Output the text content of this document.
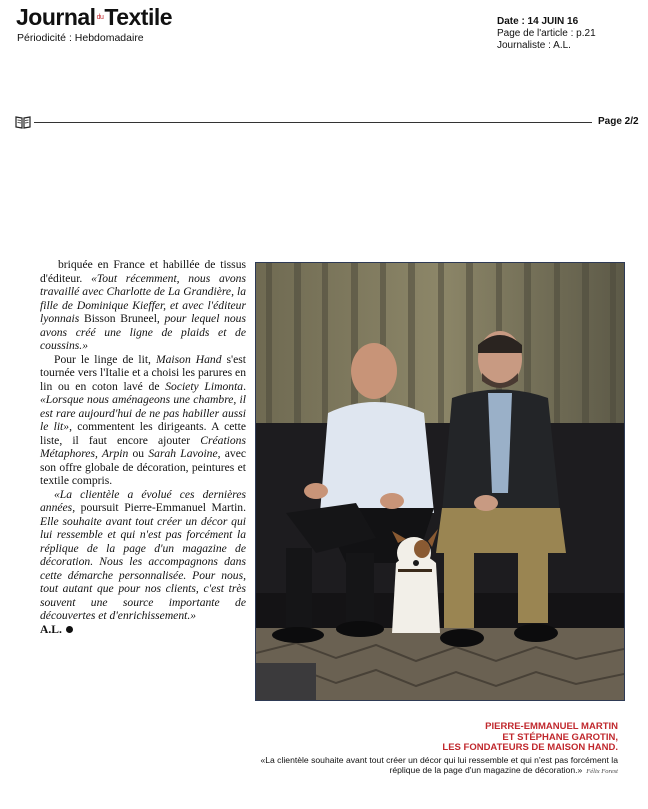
Journal$^{du}$Textile
Périodicité : Hebdomadaire
Date : 14 JUIN 16
Page de l'article : p.21
Journaliste : A.L.
Page 2/2

briquée en France et habillée de tissus d'éditeur. «Tout récemment, nous avons travaillé avec Charlotte de La Grandière, la fille de Dominique Kieffer, et avec l'éditeur lyonnais Bisson Bruneel, pour lequel nous avons créé une ligne de plaids et de coussins.»

Pour le linge de lit, Maison Hand s'est tournée vers l'Italie et a choisi les parures en lin ou en coton lavé de Society Limonta. «Lorsque nous aménageons une chambre, il est rare aujourd'hui de ne pas habiller aussi le lit», commentent les dirigeants. A cette liste, il faut encore ajouter Créations Métaphores, Arpin ou Sarah Lavoine, avec son offre globale de décoration, peintures et textile compris.

«La clientèle a évolué ces dernières années, poursuit Pierre-Emmanuel Martin. Elle souhaite avant tout créer un décor qui lui ressemble et qui n'est pas forcément la réplique de la page d'un magazine de décoration. Nous les accompagnons dans cette démarche personnalisée. Pour nous, tout autant que pour nos clients, c'est très souvent une source importante de découvertes et d'enrichissement.»

A.L.

PIERRE-EMMANUEL MARTIN
ET STÉPHANE GAROTIN,
LES FONDATEURS DE MAISON HAND.
«La clientèle souhaite avant tout créer un décor qui lui ressemble et qui n'est pas forcément la réplique de la page d'un magazine de décoration.» Félix Forest
